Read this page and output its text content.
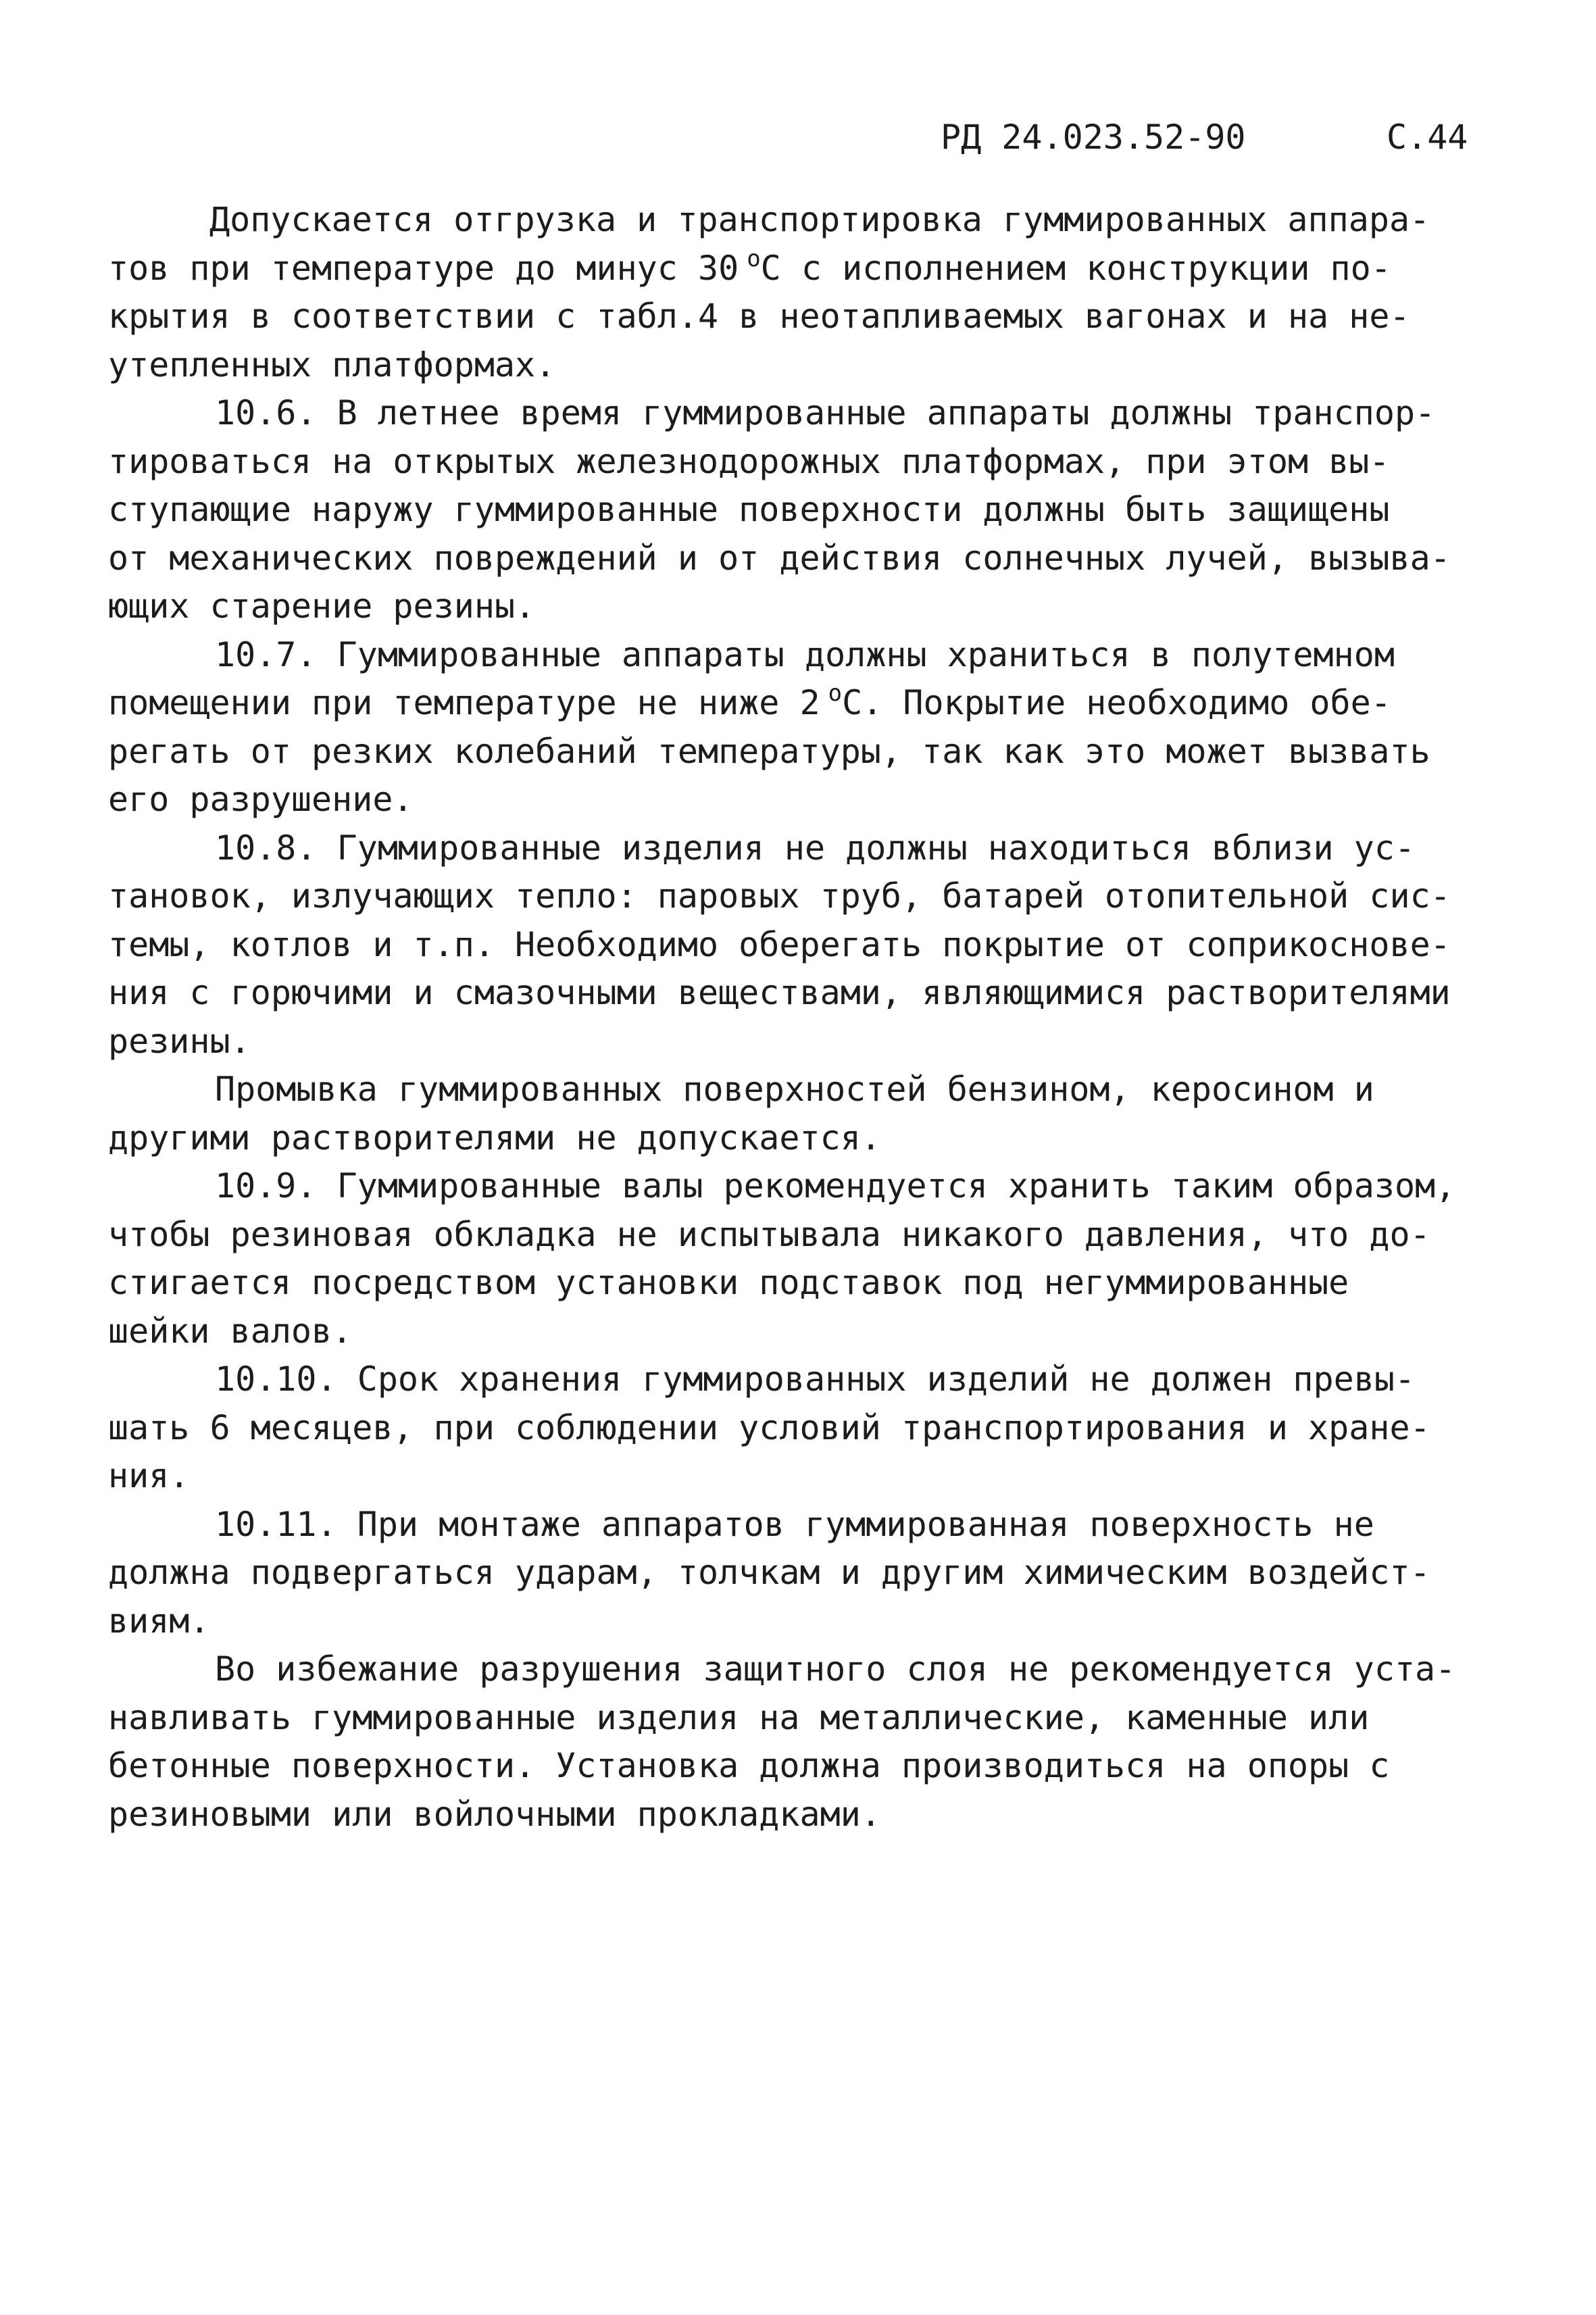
РД 24.023.52-90

	С.44

Допускается отгрузка и транспортировка гуммированных аппара-
тов при температуре до минус 30 $^o$С с исполнением конструкции по-
крытия в соответствии с табл.4 в неотапливаемых вагонах и на не-
утепленных платформах.
10.6. В летнее время гуммированные аппараты должны транспор-
тироваться на открытых железнодорожных платформах, при этом вы-
ступающие наружу гуммированные поверхности должны быть защищены
от механических повреждений и от действия солнечных лучей, вызыва-
ющих старение резины.
10.7. Гуммированные аппараты должны храниться в полутемном
помещении при температуре не ниже 2 $^o$С. Покрытие необходимо обе-
регать от резких колебаний температуры, так как это может вызвать
его разрушение.
10.8. Гуммированные изделия не должны находиться вблизи ус-
тановок, излучающих тепло: паровых труб, батарей отопительной сис-
темы, котлов и т.п. Необходимо оберегать покрытие от соприкоснове-
ния с горючими и смазочными веществами, являющимися растворителями
резины.
Промывка гуммированных поверхностей бензином, керосином и
другими растворителями не допускается.
10.9. Гуммированные валы рекомендуется хранить таким образом,
чтобы резиновая обкладка не испытывала никакого давления, что до-
стигается посредством установки подставок под негуммированные
шейки валов.
10.10. Срок хранения гуммированных изделий не должен превы-
шать 6 месяцев, при соблюдении условий транспортирования и хране-
ния.
10.11. При монтаже аппаратов гуммированная поверхность не
должна подвергаться ударам, толчкам и другим химическим воздейст-
виям.
Во избежание разрушения защитного слоя не рекомендуется уста-
навливать гуммированные изделия на металлические, каменные или
бетонные поверхности. Установка должна производиться на опоры с
резиновыми или войлочными прокладками.
